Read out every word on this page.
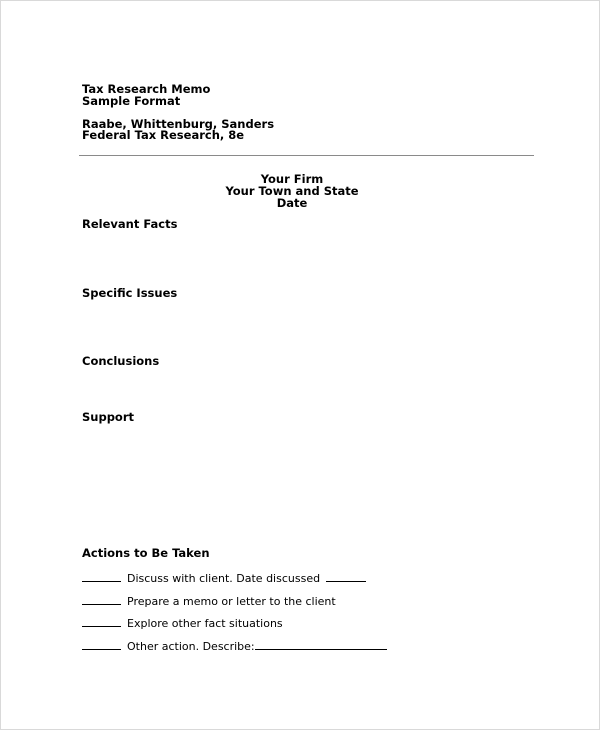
Tax Research Memo
Sample Format
Raabe, Whittenburg, Sanders
Federal Tax Research, 8e
Your Firm
Your Town and State
Date
Relevant Facts
Specific Issues
Conclusions
Support
Actions to Be Taken
Discuss with client. Date discussed
Prepare a memo or letter to the client
Explore other fact situations
Other action. Describe:
